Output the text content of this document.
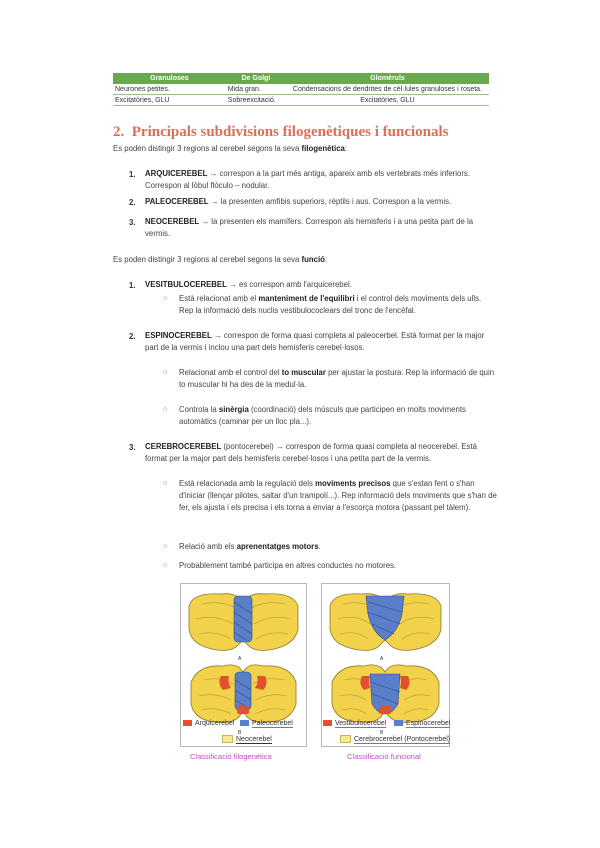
Granuloses	De Golgi	Glomèruls
Neurones petites.	Mida gran.	Condensacions de dendrites de cèl·lules granuloses i roseta.
Excitatòries, GLU	Sobreexcitació.	Excitatòries, GLU
2. Principals subdivisions filogenètiques i funcionals

Es poden distingir 3 regions al cerebel segons la seva filogenètica:

1. ARQUICEREBEL → correspon a la part més antiga, apareix amb els vertebrats més inferiors. Correspon al lòbul flòculo – nodular.

2. PALEOCEREBEL → la presenten amfibis superiors, rèptils i aus. Correspon a la vermis.

3. NEOCEREBEL → la presenten els mamífers. Correspon als hemisferis i a una petita part de la vermis.

Es poden distingir 3 regions al cerebel segons la seva funció:

1. VESITBULOCEREBEL → es correspon amb l'arquicerebel.

○ Està relacionat amb el manteniment de l'equilibri i el control dels moviments dels ulls. Rep la informació dels nuclis vestibulococlears del tronc de l'encèfal.

2. ESPINOCEREBEL → correspon de forma quasi completa al paleocerbel. Està format per la major part de la vermis i inclou una part dels hemisferis cerebel·losos.

○ Relacionat amb el control del to muscular per ajustar la postura. Rep la informació de quin to muscular hi ha des de la medul·la.

○ Controla la sinèrgia (coordinació) dels músculs que participen en molts moviments automàtics (caminar per un lloc pla...).

3. CEREBROCEREBEL (pontocerebel) → correspon de forma quasi completa al neocerebel. Està format per la major part dels hemisferis cerebel·losos i una petita part de la vermis.

○ Està relacionada amb la regulació dels moviments precisos que s'estan fent o s'han d'iniciar (llençar pilotes, saltar d'un trampolí...). Rep informació dels moviments que s'han de fer, els ajusta i els precisa i els torna a enviar a l'escorça motora (passant pel tàlem).

○ Relació amb els aprenentatges motors.

○ Probablement també participa en altres conductes no motores.

A
B
Arquicerebel	Paleocerebel
Neocerebel
Classificació filogenètica
A
B
Vestibulocerebel	Espinocerebel
Cerebrocerebel (Pontocerebel)
Classificació funcional
